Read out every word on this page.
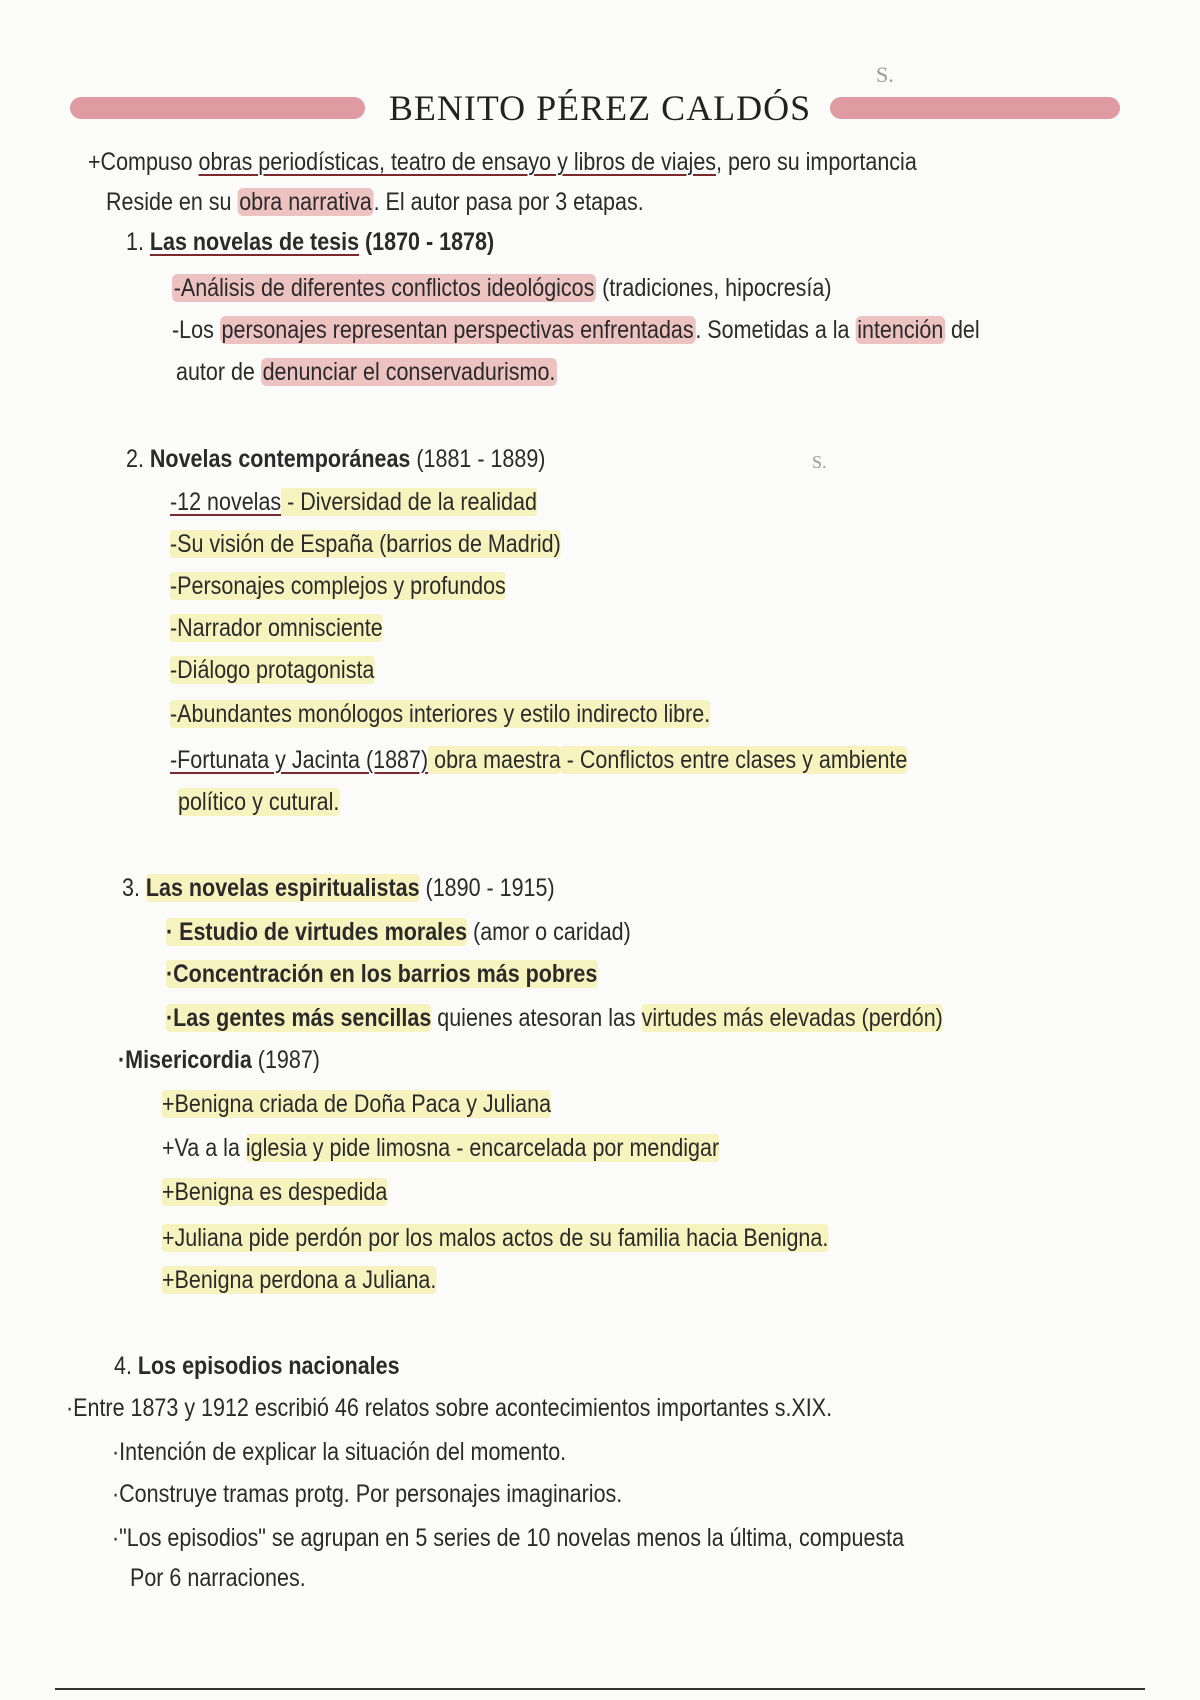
BENITO PÉREZ CALDÓS
S.
S.
+Compuso obras periodísticas, teatro de ensayo y libros de viajes, pero su importancia
Reside en su obra narrativa. El autor pasa por 3 etapas.
1. Las novelas de tesis (1870 - 1878)
-Análisis de diferentes conflictos ideológicos (tradiciones, hipocresía)
-Los personajes representan perspectivas enfrentadas. Sometidas a la intención del
autor de denunciar el conservadurismo.
2. Novelas contemporáneas (1881 - 1889)
-12 novelas - Diversidad de la realidad
-Su visión de España (barrios de Madrid)
-Personajes complejos y profundos
-Narrador omnisciente
-Diálogo protagonista
-Abundantes monólogos interiores y estilo indirecto libre.
-Fortunata y Jacinta (1887) obra maestra - Conflictos entre clases y ambiente
político y cutural.
3. Las novelas espiritualistas (1890 - 1915)
· Estudio de virtudes morales (amor o caridad)
·Concentración en los barrios más pobres
·Las gentes más sencillas quienes atesoran las virtudes más elevadas (perdón)
·Misericordia (1987)
+Benigna criada de Doña Paca y Juliana
+Va a la iglesia y pide limosna - encarcelada por mendigar
+Benigna es despedida
+Juliana pide perdón por los malos actos de su familia hacia Benigna.
+Benigna perdona a Juliana.
4. Los episodios nacionales
·Entre 1873 y 1912 escribió 46 relatos sobre acontecimientos importantes s.XIX.
·Intención de explicar la situación del momento.
·Construye tramas protg. Por personajes imaginarios.
·"Los episodios" se agrupan en 5 series de 10 novelas menos la última, compuesta
Por 6 narraciones.
